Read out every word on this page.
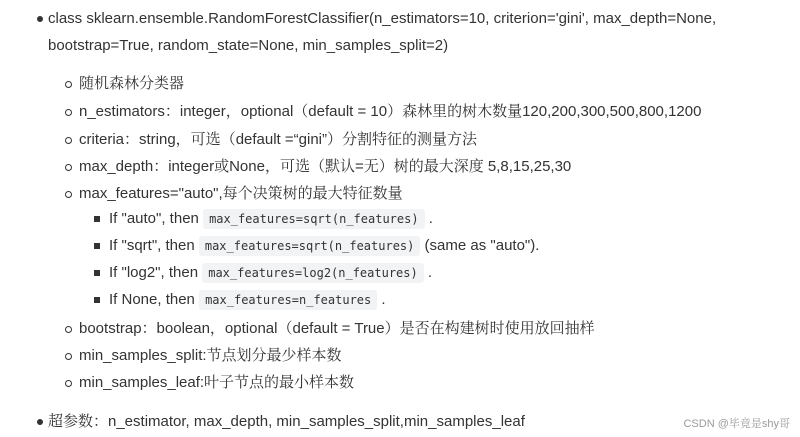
class sklearn.ensemble.RandomForestClassifier(n_estimators=10, criterion='gini', max_depth=None,
bootstrap=True, random_state=None, min_samples_split=2)
随机森林分类器
n_estimators：integer，optional（default = 10）森林里的树木数量120,200,300,500,800,1200
criteria：string，可选（default =“gini”）分割特征的测量方法
max_depth：integer或None，可选（默认=无）树的最大深度 5,8,15,25,30
max_features="auto",每个决策树的最大特征数量
If "auto", then max_features=sqrt(n_features) .
If "sqrt", then max_features=sqrt(n_features) (same as "auto").
If "log2", then max_features=log2(n_features) .
If None, then max_features=n_features .
bootstrap：boolean，optional（default = True）是否在构建树时使用放回抽样
min_samples_split:节点划分最少样本数
min_samples_leaf:叶子节点的最小样本数
超参数：n_estimator, max_depth, min_samples_split,min_samples_leaf	CSDN @毕竟是shy哥
